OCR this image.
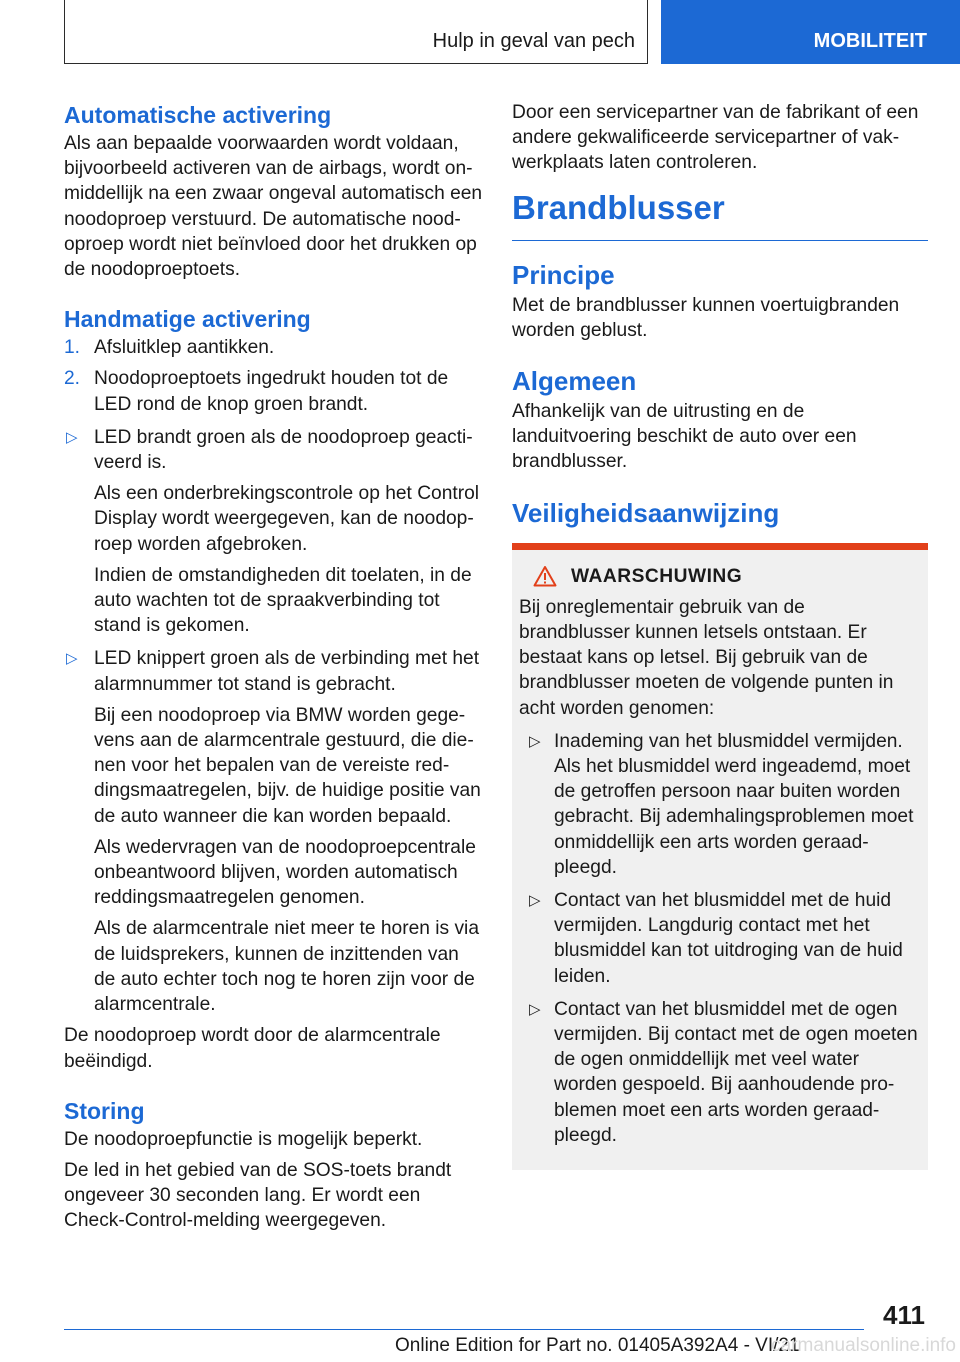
Hulp in geval van pech	MOBILITEIT
Automatische activering
Als aan bepaalde voorwaarden wordt voldaan, bijvoorbeeld activeren van de airbags, wordt onmiddellijk na een zwaar ongeval automatisch een noodoproep verstuurd. De automatische noodoproep wordt niet beïnvloed door het drukken op de noodoproeptoets.
Handmatige activering
1. Afsluitklep aantikken.
2. Noodoproeptoets ingedrukt houden tot de LED rond de knop groen brandt.
▷ LED brandt groen als de noodoproep geactiveerd is.
Als een onderbrekingscontrole op het Control Display wordt weergegeven, kan de noodoproep worden afgebroken.
Indien de omstandigheden dit toelaten, in de auto wachten tot de spraakverbinding tot stand is gekomen.
▷ LED knippert groen als de verbinding met het alarmnummer tot stand is gebracht.
Bij een noodoproep via BMW worden gegevens aan de alarmcentrale gestuurd, die dienen voor het bepalen van de vereiste reddingsmaatregelen, bijv. de huidige positie van de auto wanneer die kan worden bepaald.
Als wedervragen van de noodoproepcentrale onbeantwoord blijven, worden automatisch reddingsmaatregelen genomen.
Als de alarmcentrale niet meer te horen is via de luidsprekers, kunnen de inzittenden van de auto echter toch nog te horen zijn voor de alarmcentrale.
De noodoproep wordt door de alarmcentrale beëindigd.
Storing
De noodoproepfunctie is mogelijk beperkt.
De led in het gebied van de SOS-toets brandt ongeveer 30 seconden lang. Er wordt een Check-Control-melding weergegeven.
Door een servicepartner van de fabrikant of een andere gekwalificeerde servicepartner of vakwerkplaats laten controleren.
Brandblusser
Principe
Met de brandblusser kunnen voertuigbranden worden geblust.
Algemeen
Afhankelijk van de uitrusting en de landuitvoering beschikt de auto over een brandblusser.
Veiligheidsaanwijzing
WAARSCHUWING
Bij onreglementair gebruik van de brandblusser kunnen letsels ontstaan. Er bestaat kans op letsel. Bij gebruik van de brandblusser moeten de volgende punten in acht worden genomen:
▷ Inademing van het blusmiddel vermijden. Als het blusmiddel werd ingeademd, moet de getroffen persoon naar buiten worden gebracht. Bij ademhalingsproblemen moet onmiddellijk een arts worden geraadpleegd.
▷ Contact van het blusmiddel met de huid vermijden. Langdurig contact met het blusmiddel kan tot uitdroging van de huid leiden.
▷ Contact van het blusmiddel met de ogen vermijden. Bij contact met de ogen moeten de ogen onmiddellijk met veel water worden gespoeld. Bij aanhoudende problemen moet een arts worden geraadpleegd.
411
Online Edition for Part no. 01405A392A4 - VI/21
carmanualsonline.info
